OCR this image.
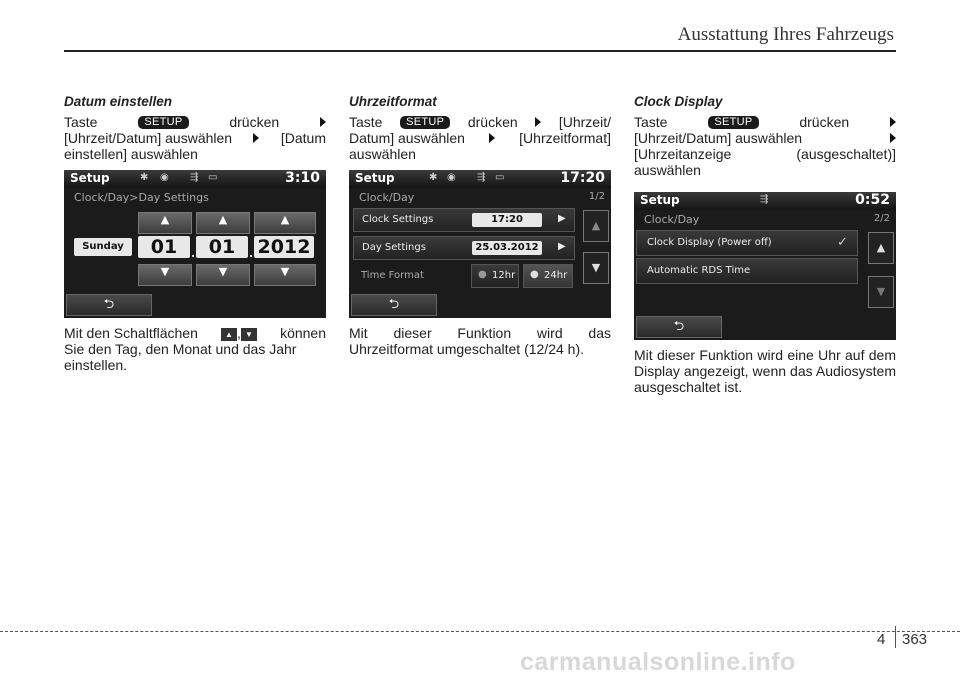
Ausstattung Ihres Fahrzeugs
Datum einstellen
Taste	SETUP	drücken
[Uhrzeit/Datum] auswählen	[Datum
einstellen] auswählen
Setup	✱ ◉ ⇶ ▭	3:10
Clock/Day>Day Settings
▲	▲	▲
Sunday	01 . 01 . 2012
▼	▼	▼
⮌
Mit den Schaltflächen	▲ , ▼ können
Sie den Tag, den Monat und das Jahr
einstellen.
Uhrzeitformat
Taste	SETUP	drücken	[Uhrzeit/
Datum] auswählen	[Uhrzeitformat]
auswählen
Setup	✱ ◉ ⇶ ▭	17:20
Clock/Day	1/2
Clock Settings	17:20	▶
Day Settings	25.03.2012	▶
Time Format	● 12hr ● 24hr
▲
▼
⮌
Mit dieser Funktion wird das Uhrzeitformat umgeschaltet (12/24 h).
Clock Display
Taste	SETUP	drücken
[Uhrzeit/Datum] auswählen
[Uhrzeitanzeige	(ausgeschaltet)]
auswählen
Setup	⇶	0:52
Clock/Day	2/2
Clock Display (Power off)	✓
Automatic RDS Time
▲
▼
⮌
Mit dieser Funktion wird eine Uhr auf dem Display angezeigt, wenn das Audiosystem ausgeschaltet ist.
4 363
carmanualsonline.info
